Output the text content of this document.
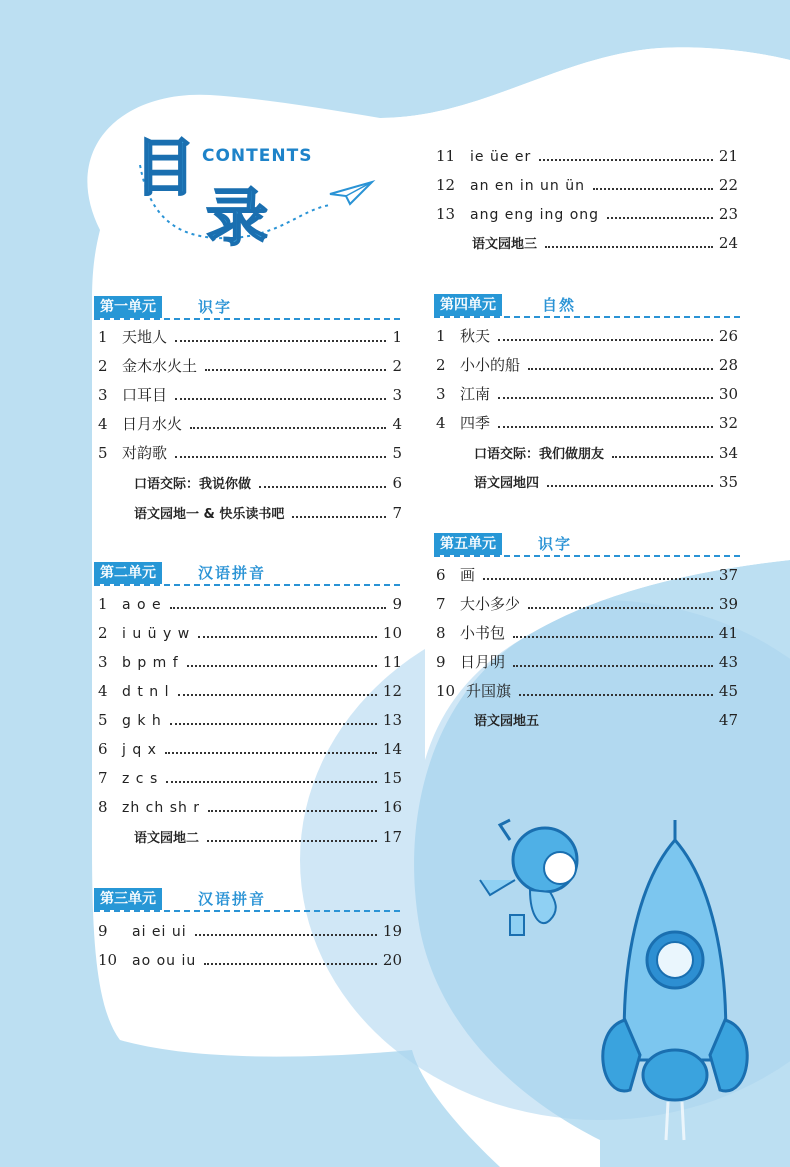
目
录
CONTENTS
第一单元	识字
1 天地人	1
2 金木水火土	2
3 口耳目	3
4 日月水火	4
5 对韵歌	5
口语交际：我说你做	6
语文园地一 & 快乐读书吧	7
第二单元	汉语拼音
1	a o e	9
2	i u ü y w	10
3	b p m f	11
4	d t n l	12
5	g k h	13
6	j q x	14
7	z c s	15
8	zh ch sh r	16
语文园地二	17
第三单元	汉语拼音
9	ai ei ui	19
10	ao ou iu	20
11	ie üe er	21
12	an en in un ün	22
13	ang eng ing ong	23
语文园地三	24
第四单元	自然
1 秋天	26
2 小小的船	28
3 江南	30
4 四季	32
口语交际：我们做朋友	34
语文园地四	35
第五单元	识字
6 画	37
7 大小多少	39
8 小书包	41
9 日月明	43
10 升国旗	45
语文园地五	47
